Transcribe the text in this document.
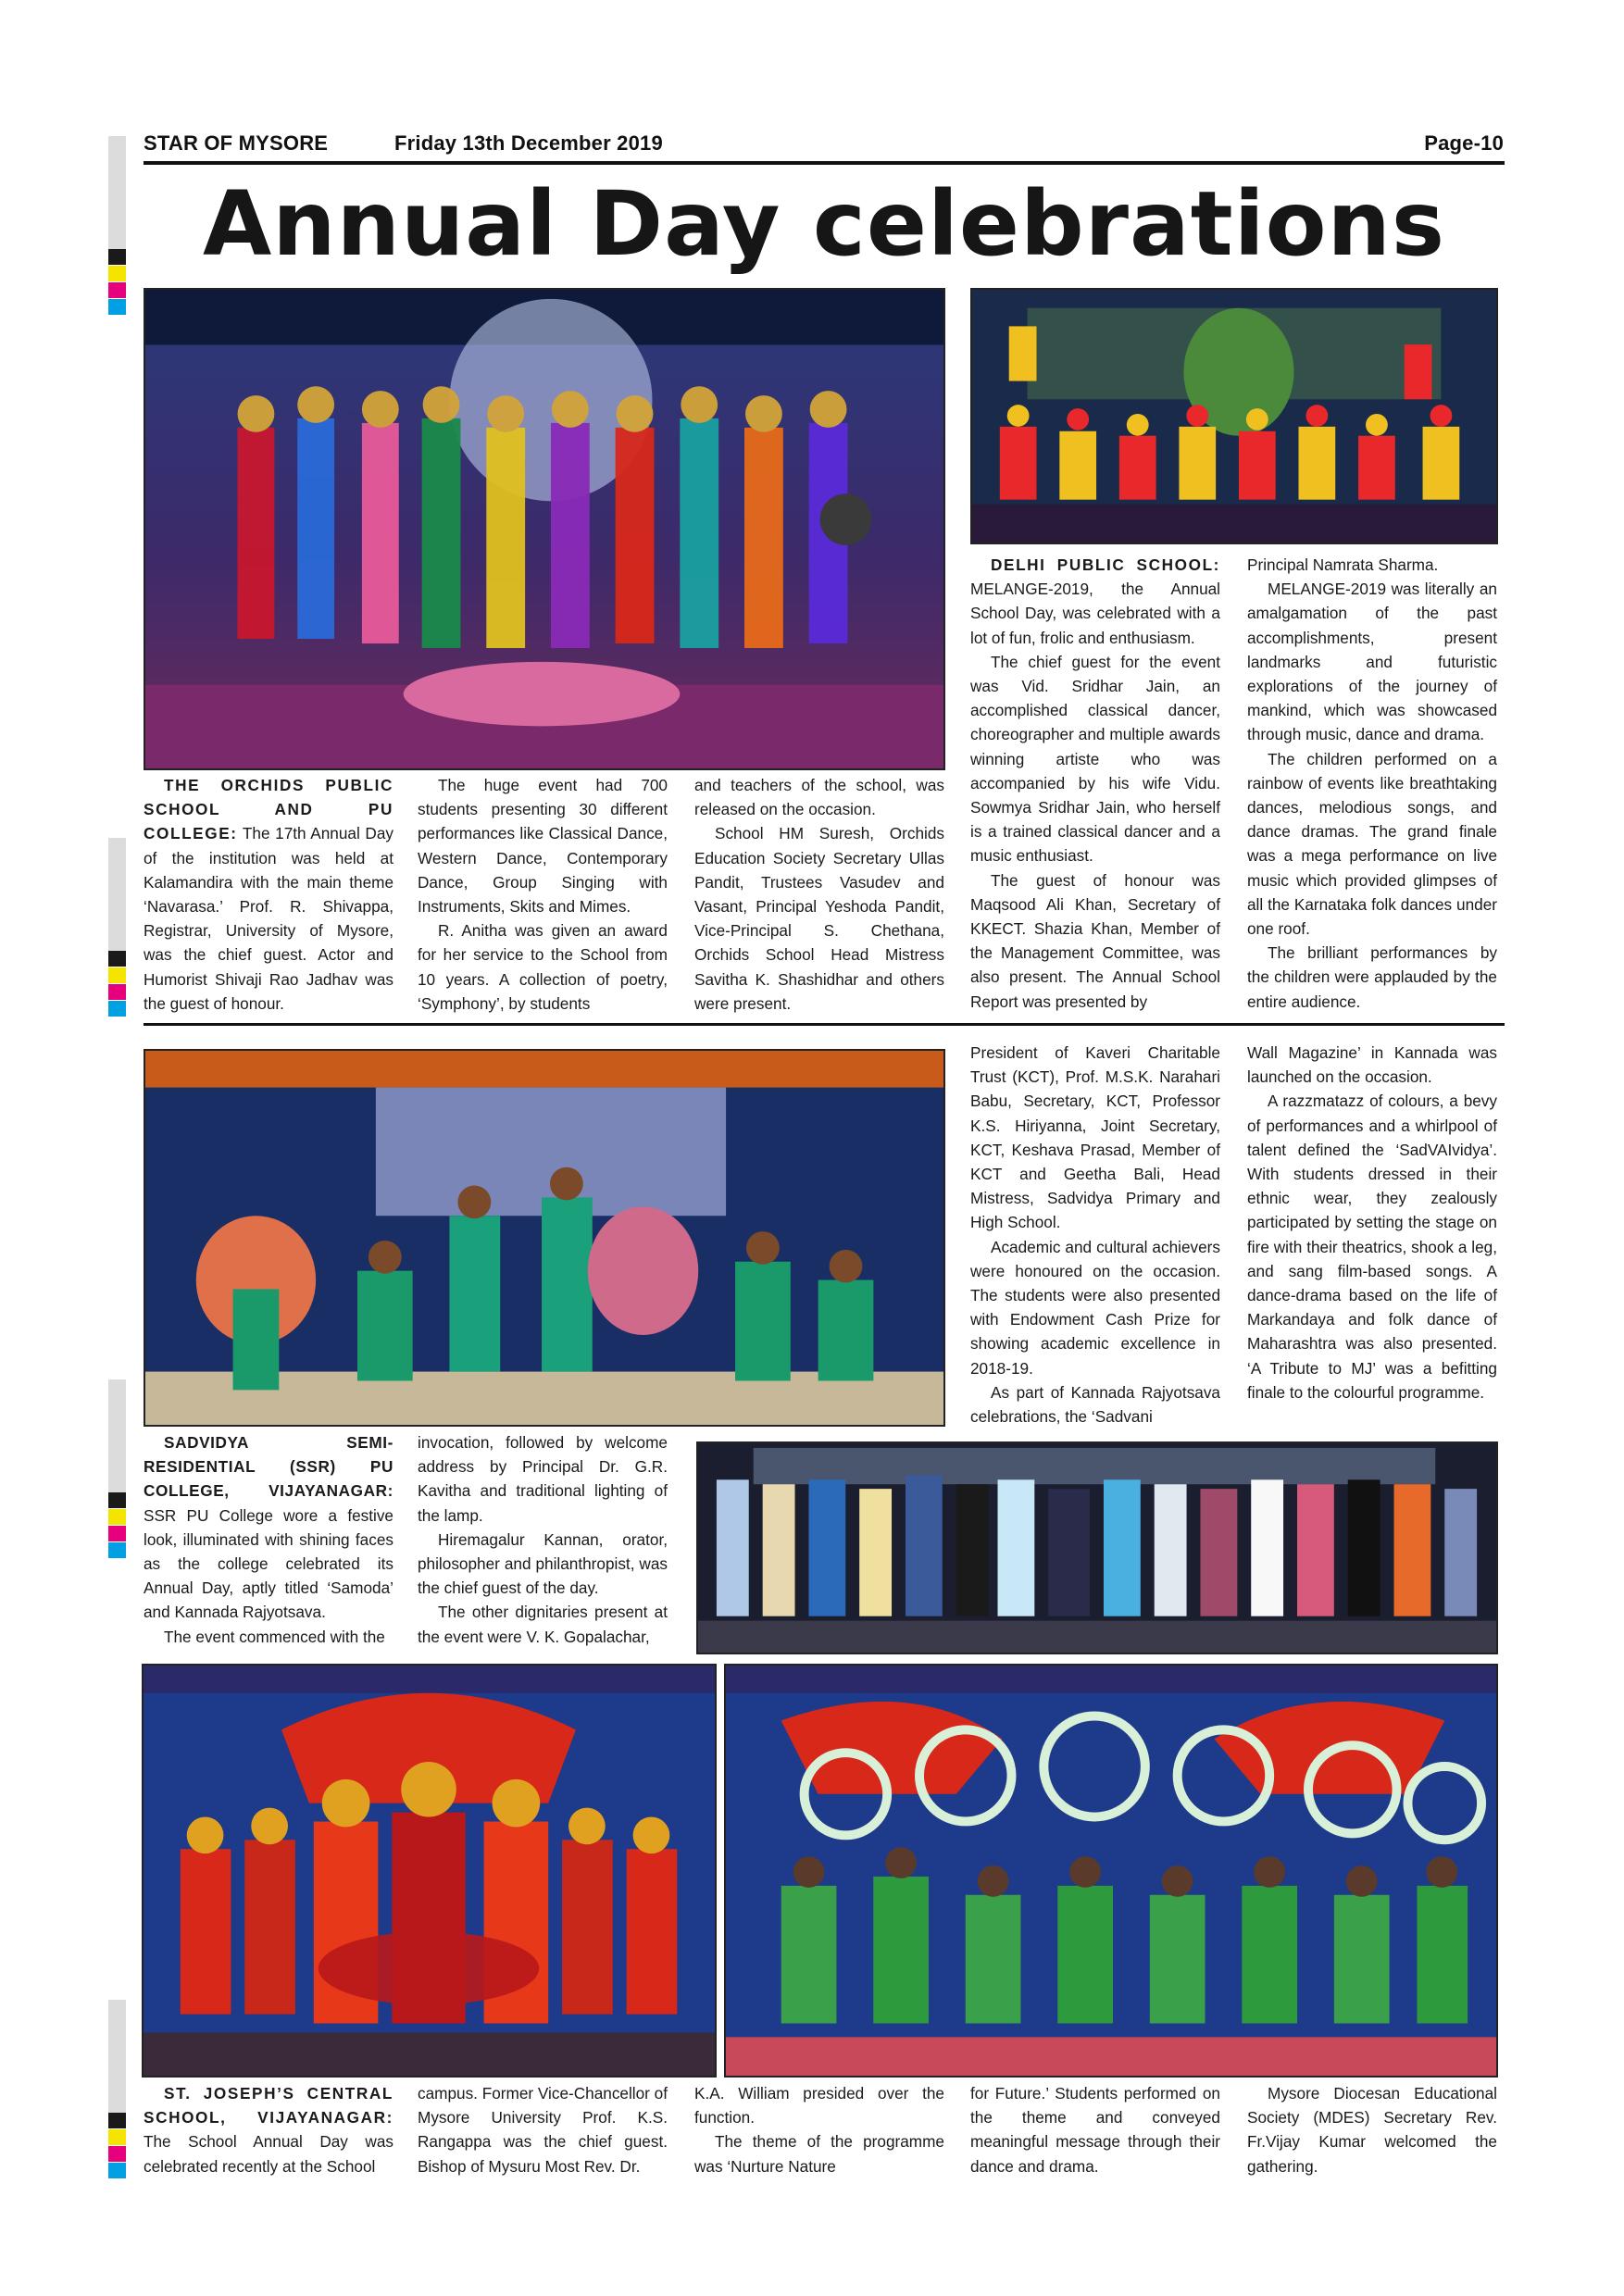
STAR OF MYSORE	Friday 13th December 2019	Page-10
Annual Day celebrations

THE ORCHIDS PUBLIC SCHOOL AND PU COLLEGE: The 17th Annual Day of the institution was held at Kalamandira with the main theme ‘Navarasa.’ Prof. R. Shivappa, Registrar, University of Mysore, was the chief guest. Actor and Humorist Shivaji Rao Jadhav was the guest of honour.

The huge event had 700 students presenting 30 different performances like Classical Dance, Western Dance, Contemporary Dance, Group Singing with Instruments, Skits and Mimes.

R. Anitha was given an award for her service to the School from 10 years. A collection of poetry, ‘Symphony’, by students

and teachers of the school, was released on the occasion.

School HM Suresh, Orchids Education Society Secretary Ullas Pandit, Trustees Vasudev and Vasant, Principal Yeshoda Pandit, Vice-Principal S. Chethana, Orchids School Head Mistress Savitha K. Shashidhar and others were present.

DELHI PUBLIC SCHOOL: MELANGE-2019, the Annual School Day, was celebrated with a lot of fun, frolic and enthusiasm.

The chief guest for the event was Vid. Sridhar Jain, an accomplished classical dancer, choreographer and multiple awards winning artiste who was accompanied by his wife Vidu. Sowmya Sridhar Jain, who herself is a trained classical dancer and a music enthusiast.

The guest of honour was Maqsood Ali Khan, Secretary of KKECT. Shazia Khan, Member of the Management Committee, was also present. The Annual School Report was presented by

Principal Namrata Sharma.

MELANGE-2019 was literally an amalgamation of the past accomplishments, present landmarks and futuristic explorations of the journey of mankind, which was showcased through music, dance and drama.

The children performed on a rainbow of events like breathtaking dances, melodious songs, and dance dramas. The grand finale was a mega performance on live music which provided glimpses of all the Karnataka folk dances under one roof.

The brilliant performances by the children were applauded by the entire audience.

SADVIDYA SEMI-RESIDENTIAL (SSR) PU COLLEGE, VIJAYANAGAR: SSR PU College wore a festive look, illuminated with shining faces as the college celebrated its Annual Day, aptly titled ‘Samoda’ and Kannada Rajyotsava.

The event commenced with the

invocation, followed by welcome address by Principal Dr. G.R. Kavitha and traditional lighting of the lamp.

Hiremagalur Kannan, orator, philosopher and philanthropist, was the chief guest of the day.

The other dignitaries present at the event were V. K. Gopalachar,

President of Kaveri Charitable Trust (KCT), Prof. M.S.K. Narahari Babu, Secretary, KCT, Professor K.S. Hiriyanna, Joint Secretary, KCT, Keshava Prasad, Member of KCT and Geetha Bali, Head Mistress, Sadvidya Primary and High School.

Academic and cultural achievers were honoured on the occasion. The students were also presented with Endowment Cash Prize for showing academic excellence in 2018-19.

As part of Kannada Rajyotsava celebrations, the ‘Sadvani

Wall Magazine’ in Kannada was launched on the occasion.

A razzmatazz of colours, a bevy of performances and a whirlpool of talent defined the ‘SadVAIvidya’. With students dressed in their ethnic wear, they zealously participated by setting the stage on fire with their theatrics, shook a leg, and sang film-based songs. A dance-drama based on the life of Markandaya and folk dance of Maharashtra was also presented. ‘A Tribute to MJ’ was a befitting finale to the colourful programme.

ST. JOSEPH’S CENTRAL SCHOOL, VIJAYANAGAR: The School Annual Day was celebrated recently at the School

campus. Former Vice-Chancellor of Mysore University Prof. K.S. Rangappa was the chief guest. Bishop of Mysuru Most Rev. Dr.

K.A. William presided over the function.

The theme of the programme was ‘Nurture Nature

for Future.’ Students performed on the theme and conveyed meaningful message through their dance and drama.

Mysore Diocesan Educational Society (MDES) Secretary Rev. Fr.Vijay Kumar welcomed the gathering.
